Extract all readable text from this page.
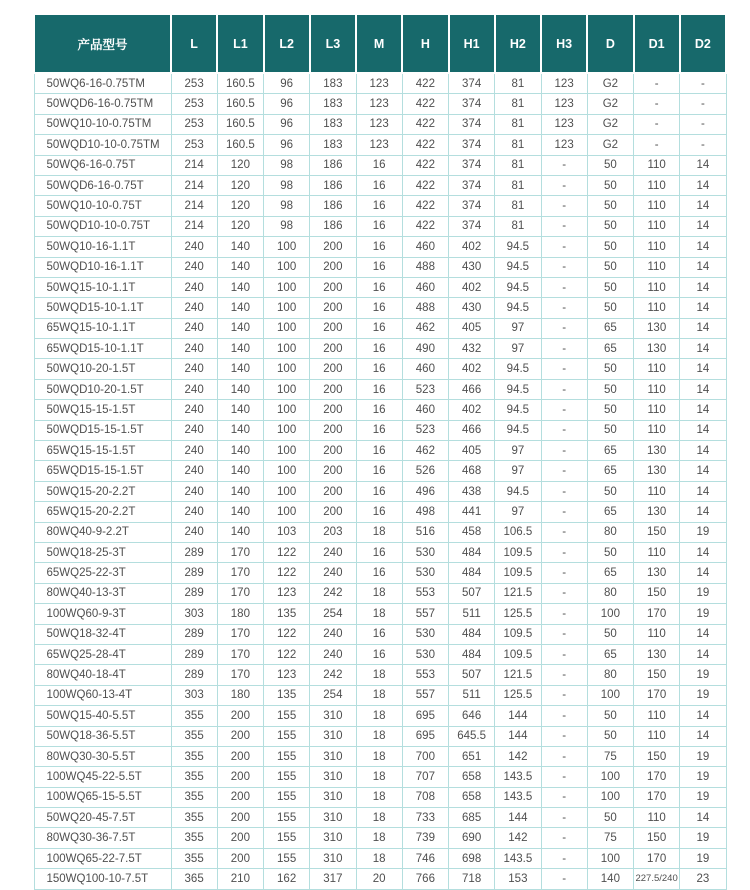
产品型号	L	L1	L2	L3	M	H	H1	H2	H3	D	D1	D2
50WQ6-16-0.75TM	253	160.5	96	183	123	422	374	81	123	G2	-	-
50WQD6-16-0.75TM	253	160.5	96	183	123	422	374	81	123	G2	-	-
50WQ10-10-0.75TM	253	160.5	96	183	123	422	374	81	123	G2	-	-
50WQD10-10-0.75TM	253	160.5	96	183	123	422	374	81	123	G2	-	-
50WQ6-16-0.75T	214	120	98	186	16	422	374	81	-	50	110	14
50WQD6-16-0.75T	214	120	98	186	16	422	374	81	-	50	110	14
50WQ10-10-0.75T	214	120	98	186	16	422	374	81	-	50	110	14
50WQD10-10-0.75T	214	120	98	186	16	422	374	81	-	50	110	14
50WQ10-16-1.1T	240	140	100	200	16	460	402	94.5	-	50	110	14
50WQD10-16-1.1T	240	140	100	200	16	488	430	94.5	-	50	110	14
50WQ15-10-1.1T	240	140	100	200	16	460	402	94.5	-	50	110	14
50WQD15-10-1.1T	240	140	100	200	16	488	430	94.5	-	50	110	14
65WQ15-10-1.1T	240	140	100	200	16	462	405	97	-	65	130	14
65WQD15-10-1.1T	240	140	100	200	16	490	432	97	-	65	130	14
50WQ10-20-1.5T	240	140	100	200	16	460	402	94.5	-	50	110	14
50WQD10-20-1.5T	240	140	100	200	16	523	466	94.5	-	50	110	14
50WQ15-15-1.5T	240	140	100	200	16	460	402	94.5	-	50	110	14
50WQD15-15-1.5T	240	140	100	200	16	523	466	94.5	-	50	110	14
65WQ15-15-1.5T	240	140	100	200	16	462	405	97	-	65	130	14
65WQD15-15-1.5T	240	140	100	200	16	526	468	97	-	65	130	14
50WQ15-20-2.2T	240	140	100	200	16	496	438	94.5	-	50	110	14
65WQ15-20-2.2T	240	140	100	200	16	498	441	97	-	65	130	14
80WQ40-9-2.2T	240	140	103	203	18	516	458	106.5	-	80	150	19
50WQ18-25-3T	289	170	122	240	16	530	484	109.5	-	50	110	14
65WQ25-22-3T	289	170	122	240	16	530	484	109.5	-	65	130	14
80WQ40-13-3T	289	170	123	242	18	553	507	121.5	-	80	150	19
100WQ60-9-3T	303	180	135	254	18	557	511	125.5	-	100	170	19
50WQ18-32-4T	289	170	122	240	16	530	484	109.5	-	50	110	14
65WQ25-28-4T	289	170	122	240	16	530	484	109.5	-	65	130	14
80WQ40-18-4T	289	170	123	242	18	553	507	121.5	-	80	150	19
100WQ60-13-4T	303	180	135	254	18	557	511	125.5	-	100	170	19
50WQ15-40-5.5T	355	200	155	310	18	695	646	144	-	50	110	14
50WQ18-36-5.5T	355	200	155	310	18	695	645.5	144	-	50	110	14
80WQ30-30-5.5T	355	200	155	310	18	700	651	142	-	75	150	19
100WQ45-22-5.5T	355	200	155	310	18	707	658	143.5	-	100	170	19
100WQ65-15-5.5T	355	200	155	310	18	708	658	143.5	-	100	170	19
50WQ20-45-7.5T	355	200	155	310	18	733	685	144	-	50	110	14
80WQ30-36-7.5T	355	200	155	310	18	739	690	142	-	75	150	19
100WQ65-22-7.5T	355	200	155	310	18	746	698	143.5	-	100	170	19
150WQ100-10-7.5T	365	210	162	317	20	766	718	153	-	140	227.5/240	23
